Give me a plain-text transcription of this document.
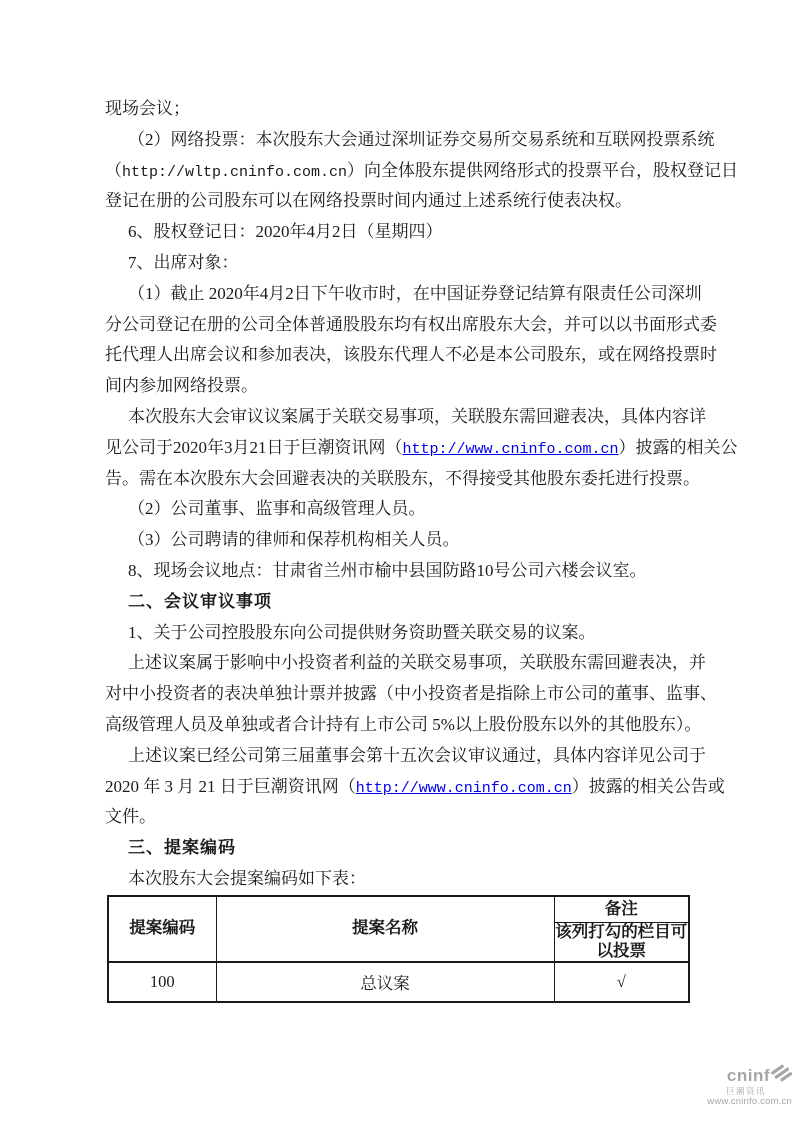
现场会议；
（2）网络投票：本次股东大会通过深圳证券交易所交易系统和互联网投票系统
（http://wltp.cninfo.com.cn）向全体股东提供网络形式的投票平台，股权登记日
登记在册的公司股东可以在网络投票时间内通过上述系统行使表决权。
6、股权登记日：2020年4月2日（星期四）
7、出席对象：
（1）截止 2020年4月2日下午收市时，在中国证券登记结算有限责任公司深圳
分公司登记在册的公司全体普通股股东均有权出席股东大会，并可以以书面形式委
托代理人出席会议和参加表决，该股东代理人不必是本公司股东，或在网络投票时
间内参加网络投票。
本次股东大会审议议案属于关联交易事项，关联股东需回避表决，具体内容详
见公司于2020年3月21日于巨潮资讯网（http://www.cninfo.com.cn）披露的相关公
告。需在本次股东大会回避表决的关联股东，不得接受其他股东委托进行投票。
（2）公司董事、监事和高级管理人员。
（3）公司聘请的律师和保荐机构相关人员。
8、现场会议地点：甘肃省兰州市榆中县国防路10号公司六楼会议室。
二、会议审议事项
1、关于公司控股股东向公司提供财务资助暨关联交易的议案。
上述议案属于影响中小投资者利益的关联交易事项，关联股东需回避表决，并
对中小投资者的表决单独计票并披露（中小投资者是指除上市公司的董事、监事、
高级管理人员及单独或者合计持有上市公司 5%以上股份股东以外的其他股东）。
上述议案已经公司第三届董事会第十五次会议审议通过，具体内容详见公司于
2020 年 3 月 21 日于巨潮资讯网（http://www.cninfo.com.cn）披露的相关公告或
文件。
三、提案编码
本次股东大会提案编码如下表：
提案编码	提案名称	备注
		该列打勾的栏目可以投票
100	总议案	√
cninf
巨潮资讯
www.cninfo.com.cn
